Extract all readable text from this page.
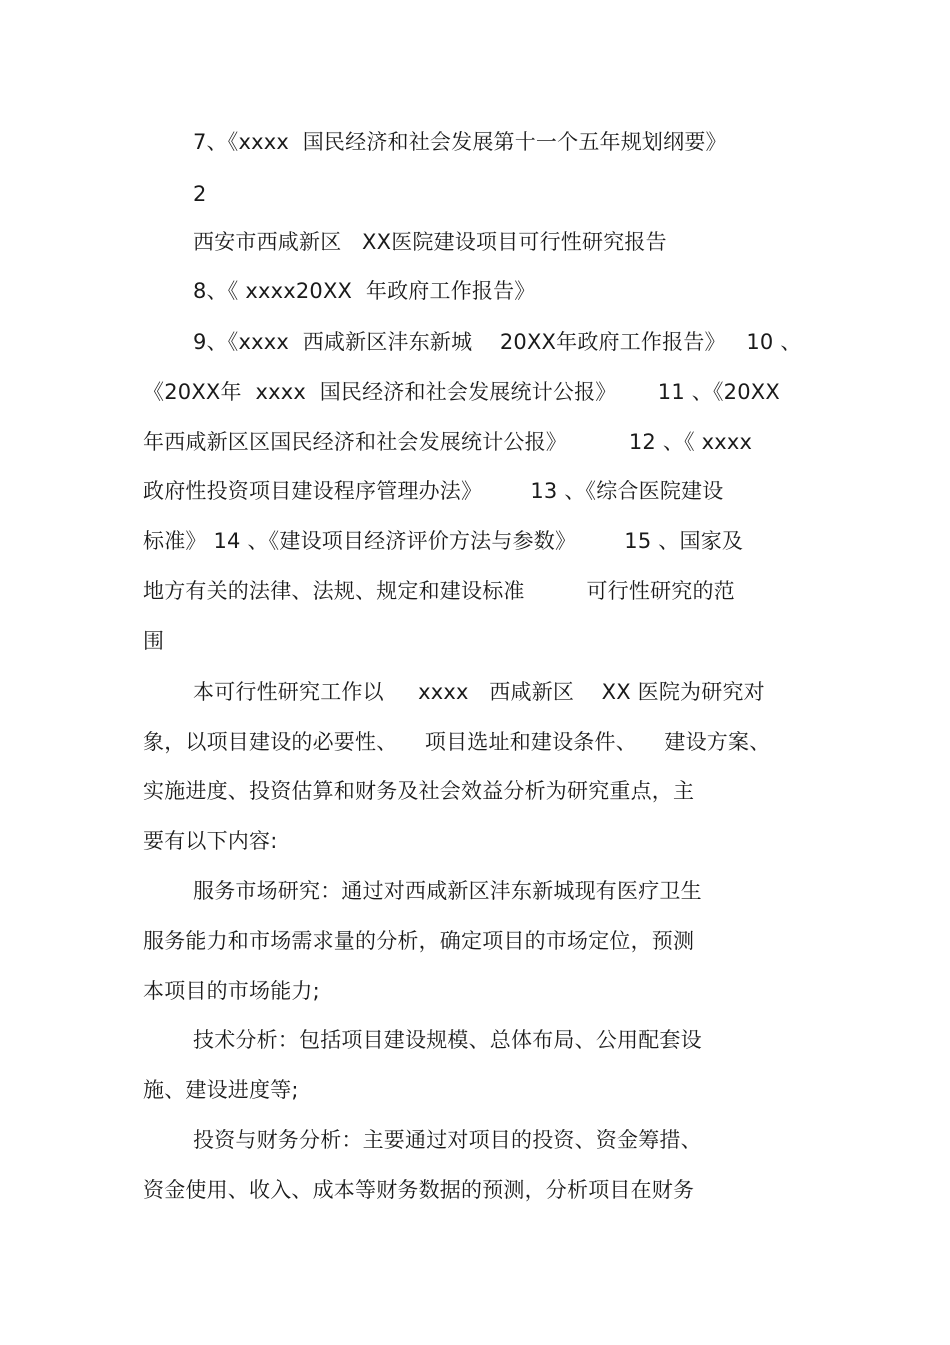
7、《xxxx  国民经济和社会发展第十一个五年规划纲要》
2
西安市西咸新区   XX医院建设项目可行性研究报告
8、《 xxxx20XX  年政府工作报告》
9、《xxxx  西咸新区沣东新城    20XX年政府工作报告》   10 、
《20XX年  xxxx  国民经济和社会发展统计公报》      11 、《20XX
年西咸新区区国民经济和社会发展统计公报》         12 、《 xxxx
政府性投资项目建设程序管理办法》       13 、《综合医院建设
标准》 14 、《建设项目经济评价方法与参数》       15 、国家及
地方有关的法律、法规、规定和建设标准         可行性研究的范
围
本可行性研究工作以     xxxx   西咸新区    XX 医院为研究对
象，以项目建设的必要性、    项目选址和建设条件、    建设方案、
实施进度、投资估算和财务及社会效益分析为研究重点，主
要有以下内容:
服务市场研究：通过对西咸新区沣东新城现有医疗卫生
服务能力和市场需求量的分析，确定项目的市场定位，预测
本项目的市场能力;
技术分析：包括项目建设规模、总体布局、公用配套设
施、建设进度等;
投资与财务分析：主要通过对项目的投资、资金筹措、
资金使用、收入、成本等财务数据的预测，分析项目在财务
